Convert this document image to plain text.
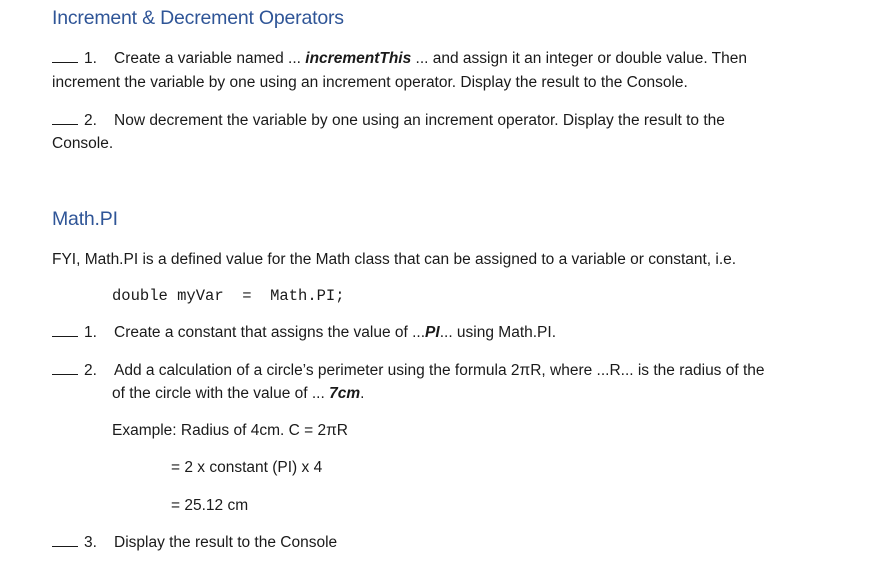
Increment & Decrement Operators
1. Create a variable named ... incrementThis ... and assign it an integer or double value. Then
increment the variable by one using an increment operator. Display the result to the Console.
2. Now decrement the variable by one using an increment operator. Display the result to the
Console.
Math.PI
FYI, Math.PI is a defined value for the Math class that can be assigned to a variable or constant, i.e.
double myVar  =  Math.PI;
1. Create a constant that assigns the value of ...PI... using Math.PI.
2. Add a calculation of a circle’s perimeter using the formula 2πR, where ...R... is the radius of the
of the circle with the value of ... 7cm.
Example: Radius of 4cm. C = 2πR
= 2 x constant (PI) x 4
= 25.12 cm
3. Display the result to the Console
